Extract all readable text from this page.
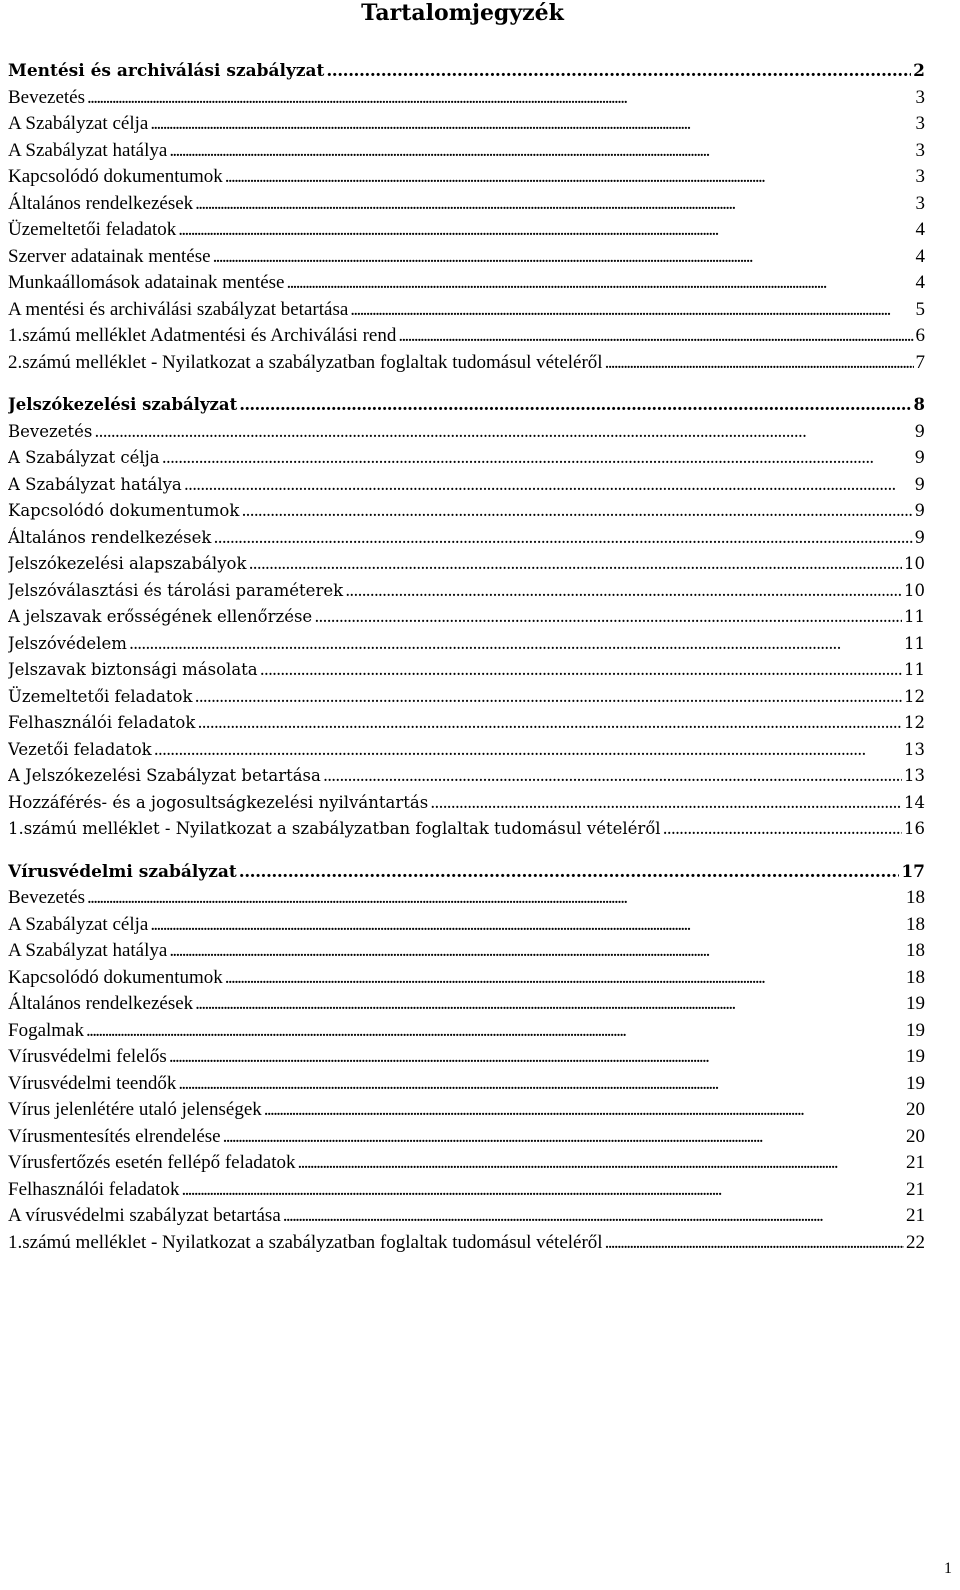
Tartalomjegyzék
Mentési és archiválási szabályzat . . .	2
Bevezetés . . .	3
A Szabályzat célja . . .	3
A Szabályzat hatálya . . .	3
Kapcsolódó dokumentumok . . .	3
Általános rendelkezések . . .	3
Üzemeltetői feladatok . . .	4
Szerver adatainak mentése . . .	4
Munkaállomások adatainak mentése . . .	4
A mentési és archiválási szabályzat betartása . . .	5
1.számú melléklet Adatmentési és Archiválási rend . . .	6
2.számú melléklet - Nyilatkozat a szabályzatban foglaltak tudomásul vételéről . . .	7
Jelszókezelési szabályzat . . .	8
Bevezetés . . .	9
A Szabályzat célja . . .	9
A Szabályzat hatálya . . .	9
Kapcsolódó dokumentumok . . .	9
Általános rendelkezések . . .	9
Jelszókezelési alapszabályok . . .	10
Jelszóválasztási és tárolási paraméterek . . .	10
A jelszavak erősségének ellenőrzése . . .	11
Jelszóvédelem . . .	11
Jelszavak biztonsági másolata . . .	11
Üzemeltetői feladatok . . .	12
Felhasználói feladatok . . .	12
Vezetői feladatok . . .	13
A Jelszókezelési Szabályzat betartása . . .	13
Hozzáférés- és a jogosultságkezelési nyilvántartás . . .	14
1.számú melléklet - Nyilatkozat a szabályzatban foglaltak tudomásul vételéről . . .	16
Vírusvédelmi szabályzat . . .	17
Bevezetés . . .	18
A Szabályzat célja . . .	18
A Szabályzat hatálya . . .	18
Kapcsolódó dokumentumok . . .	18
Általános rendelkezések . . .	19
Fogalmak . . .	19
Vírusvédelmi felelős . . .	19
Vírusvédelmi teendők . . .	19
Vírus jelenlétére utaló jelenségek . . .	20
Vírusmentesítés elrendelése . . .	20
Vírusfertőzés esetén fellépő feladatok . . .	21
Felhasználói feladatok . . .	21
A vírusvédelmi szabályzat betartása . . .	21
1.számú melléklet - Nyilatkozat a szabályzatban foglaltak tudomásul vételéről . . .	22
1
